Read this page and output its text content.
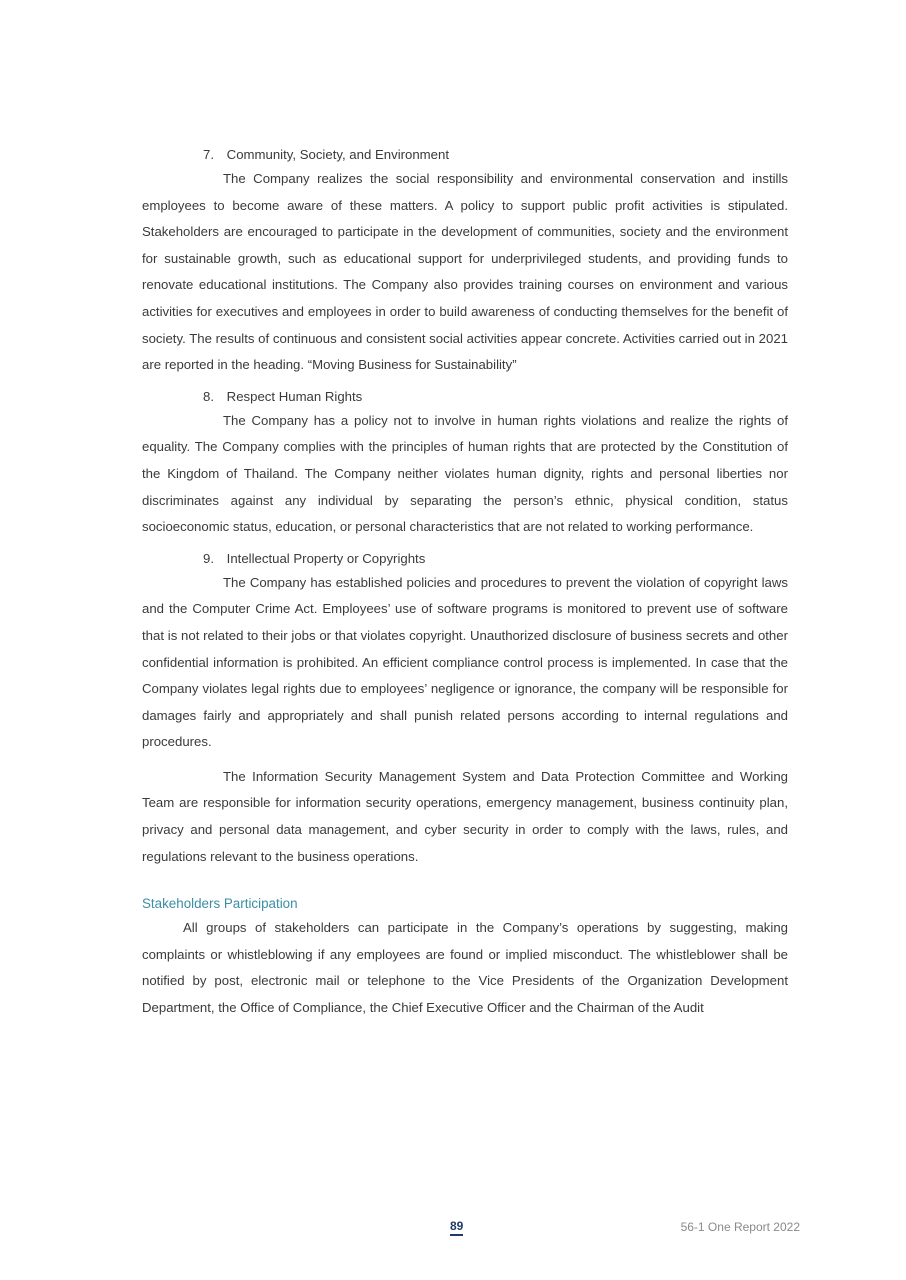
7. Community, Society, and Environment

The Company realizes the social responsibility and environmental conservation and instills employees to become aware of these matters. A policy to support public profit activities is stipulated. Stakeholders are encouraged to participate in the development of communities, society and the environment for sustainable growth, such as educational support for underprivileged students, and providing funds to renovate educational institutions. The Company also provides training courses on environment and various activities for executives and employees in order to build awareness of conducting themselves for the benefit of society. The results of continuous and consistent social activities appear concrete. Activities carried out in 2021 are reported in the heading. “Moving Business for Sustainability”

8. Respect Human Rights

The Company has a policy not to involve in human rights violations and realize the rights of equality. The Company complies with the principles of human rights that are protected by the Constitution of the Kingdom of Thailand. The Company neither violates human dignity, rights and personal liberties nor discriminates against any individual by separating the person’s ethnic, physical condition, status socioeconomic status, education, or personal characteristics that are not related to working performance.

9. Intellectual Property or Copyrights

The Company has established policies and procedures to prevent the violation of copyright laws and the Computer Crime Act. Employees’ use of software programs is monitored to prevent use of software that is not related to their jobs or that violates copyright. Unauthorized disclosure of business secrets and other confidential information is prohibited. An efficient compliance control process is implemented. In case that the Company violates legal rights due to employees’ negligence or ignorance, the company will be responsible for damages fairly and appropriately and shall punish related persons according to internal regulations and procedures.

The Information Security Management System and Data Protection Committee and Working Team are responsible for information security operations, emergency management, business continuity plan, privacy and personal data management, and cyber security in order to comply with the laws, rules, and regulations relevant to the business operations.

Stakeholders Participation

All groups of stakeholders can participate in the Company’s operations by suggesting, making complaints or whistleblowing if any employees are found or implied misconduct. The whistleblower shall be notified by post, electronic mail or telephone to the Vice Presidents of the Organization Development Department, the Office of Compliance, the Chief Executive Officer and the Chairman of the Audit

89	56-1 One Report 2022
